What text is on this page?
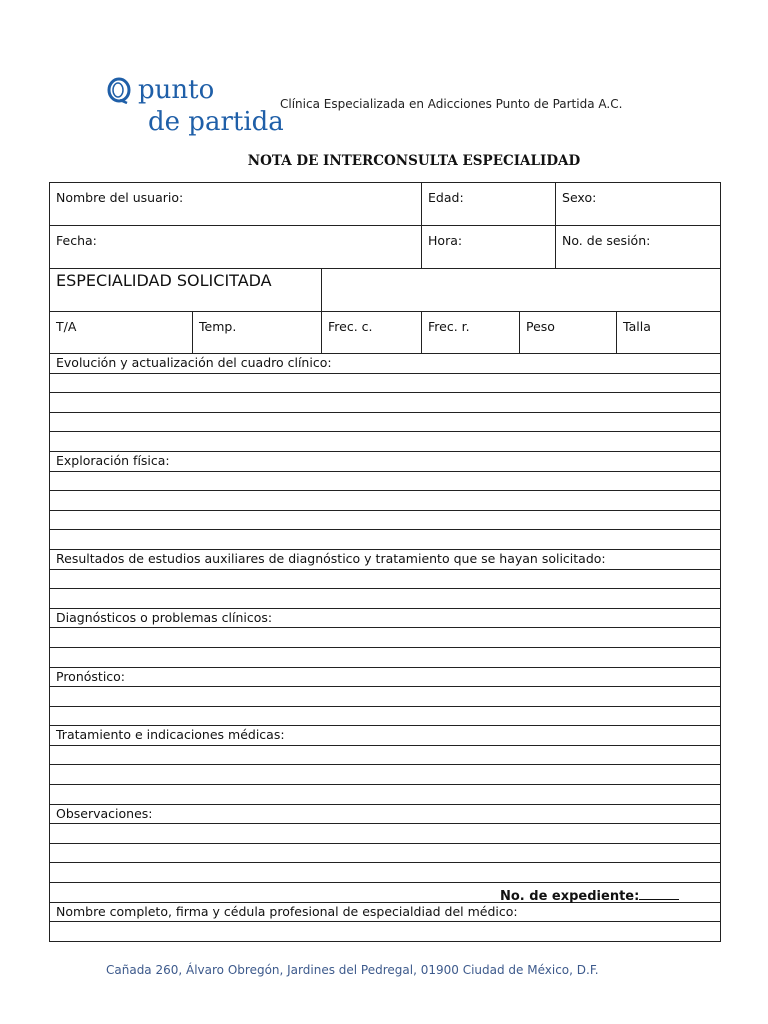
punto
de partida
Clínica Especializada en Adicciones Punto de Partida A.C.
NOTA DE INTERCONSULTA ESPECIALIDAD
Nombre del usuario:			Edad:		Sexo:	
Fecha:			Hora:		No. de sesión:	

ESPECIALIDAD SOLICITADA						

T/A	Temp.	Frec. c.	Frec. r.	Peso		Talla
Evolución y actualización del cuadro clínico:						

Exploración física:						

Resultados de estudios auxiliares de diagnóstico y tratamiento que se hayan solicitado:						

Diagnósticos o problemas clínicos:						

Pronóstico:						

Tratamiento e indicaciones médicas:						

Observaciones:						

Nombre completo, firma y cédula profesional de especialdiad del médico:						

No. de expediente:
Cañada 260, Álvaro Obregón, Jardines del Pedregal, 01900 Ciudad de México, D.F.
